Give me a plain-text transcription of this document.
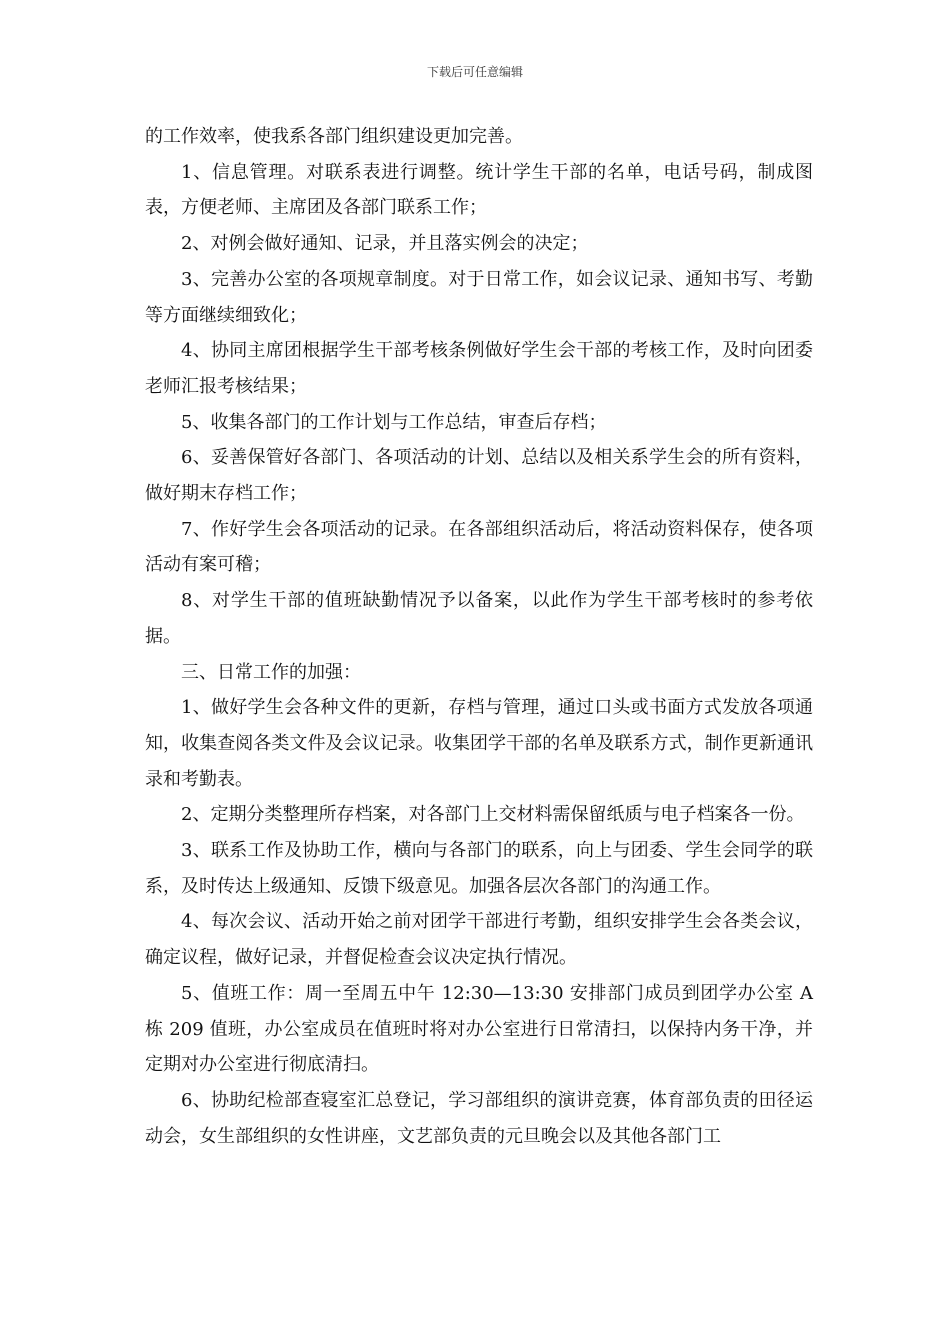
下载后可任意编辑

的工作效率，使我系各部门组织建设更加完善。

1、信息管理。对联系表进行调整。统计学生干部的名单，电话号码，制成图表，方便老师、主席团及各部门联系工作；

2、对例会做好通知、记录，并且落实例会的决定；

3、完善办公室的各项规章制度。对于日常工作，如会议记录、通知书写、考勤等方面继续细致化；

4、协同主席团根据学生干部考核条例做好学生会干部的考核工作，及时向团委老师汇报考核结果；

5、收集各部门的工作计划与工作总结，审查后存档；

6、妥善保管好各部门、各项活动的计划、总结以及相关系学生会的所有资料，做好期末存档工作；

7、作好学生会各项活动的记录。在各部组织活动后，将活动资料保存，使各项活动有案可稽；

8、对学生干部的值班缺勤情况予以备案，以此作为学生干部考核时的参考依据。

三、日常工作的加强：

1、做好学生会各种文件的更新，存档与管理，通过口头或书面方式发放各项通知，收集查阅各类文件及会议记录。收集团学干部的名单及联系方式，制作更新通讯录和考勤表。

2、定期分类整理所存档案，对各部门上交材料需保留纸质与电子档案各一份。

3、联系工作及协助工作，横向与各部门的联系，向上与团委、学生会同学的联系，及时传达上级通知、反馈下级意见。加强各层次各部门的沟通工作。

4、每次会议、活动开始之前对团学干部进行考勤，组织安排学生会各类会议，确定议程，做好记录，并督促检查会议决定执行情况。

5、值班工作：周一至周五中午 12:30—13:30 安排部门成员到团学办公室 A 栋 209 值班，办公室成员在值班时将对办公室进行日常清扫，以保持内务干净，并定期对办公室进行彻底清扫。

6、协助纪检部查寝室汇总登记，学习部组织的演讲竞赛，体育部负责的田径运动会，女生部组织的女性讲座，文艺部负责的元旦晚会以及其他各部门工
